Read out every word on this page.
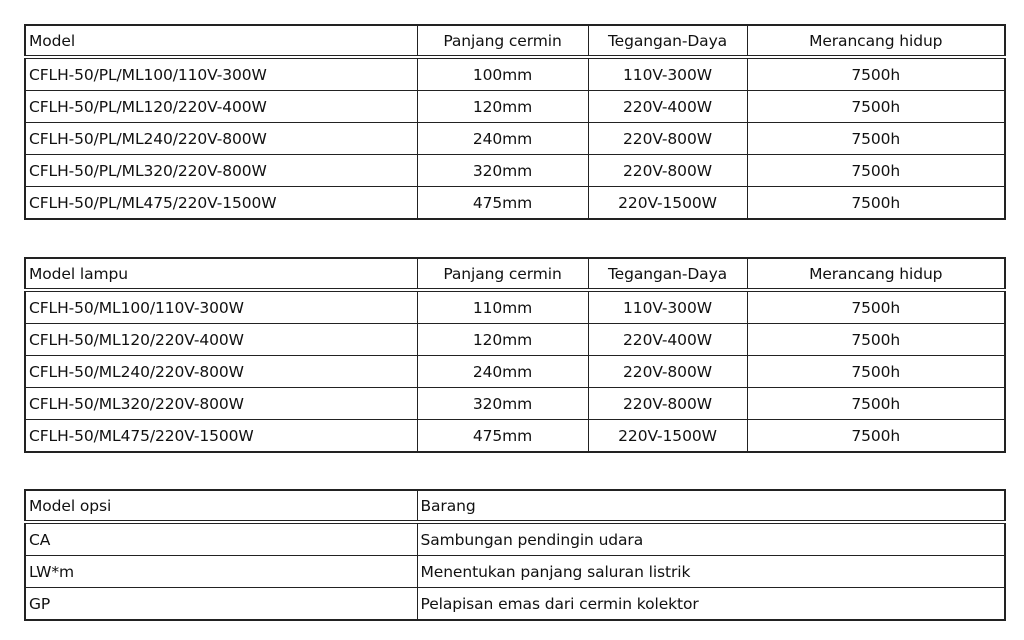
Model	Panjang cermin	Tegangan-Daya	Merancang hidup
CFLH-50/PL/ML100/110V-300W	100mm	110V-300W	7500h
CFLH-50/PL/ML120/220V-400W	120mm	220V-400W	7500h
CFLH-50/PL/ML240/220V-800W	240mm	220V-800W	7500h
CFLH-50/PL/ML320/220V-800W	320mm	220V-800W	7500h
CFLH-50/PL/ML475/220V-1500W	475mm	220V-1500W	7500h
Model lampu	Panjang cermin	Tegangan-Daya	Merancang hidup
CFLH-50/ML100/110V-300W	110mm	110V-300W	7500h
CFLH-50/ML120/220V-400W	120mm	220V-400W	7500h
CFLH-50/ML240/220V-800W	240mm	220V-800W	7500h
CFLH-50/ML320/220V-800W	320mm	220V-800W	7500h
CFLH-50/ML475/220V-1500W	475mm	220V-1500W	7500h
Model opsi	Barang
CA	Sambungan pendingin udara
LW*m	Menentukan panjang saluran listrik
GP	Pelapisan emas dari cermin kolektor
